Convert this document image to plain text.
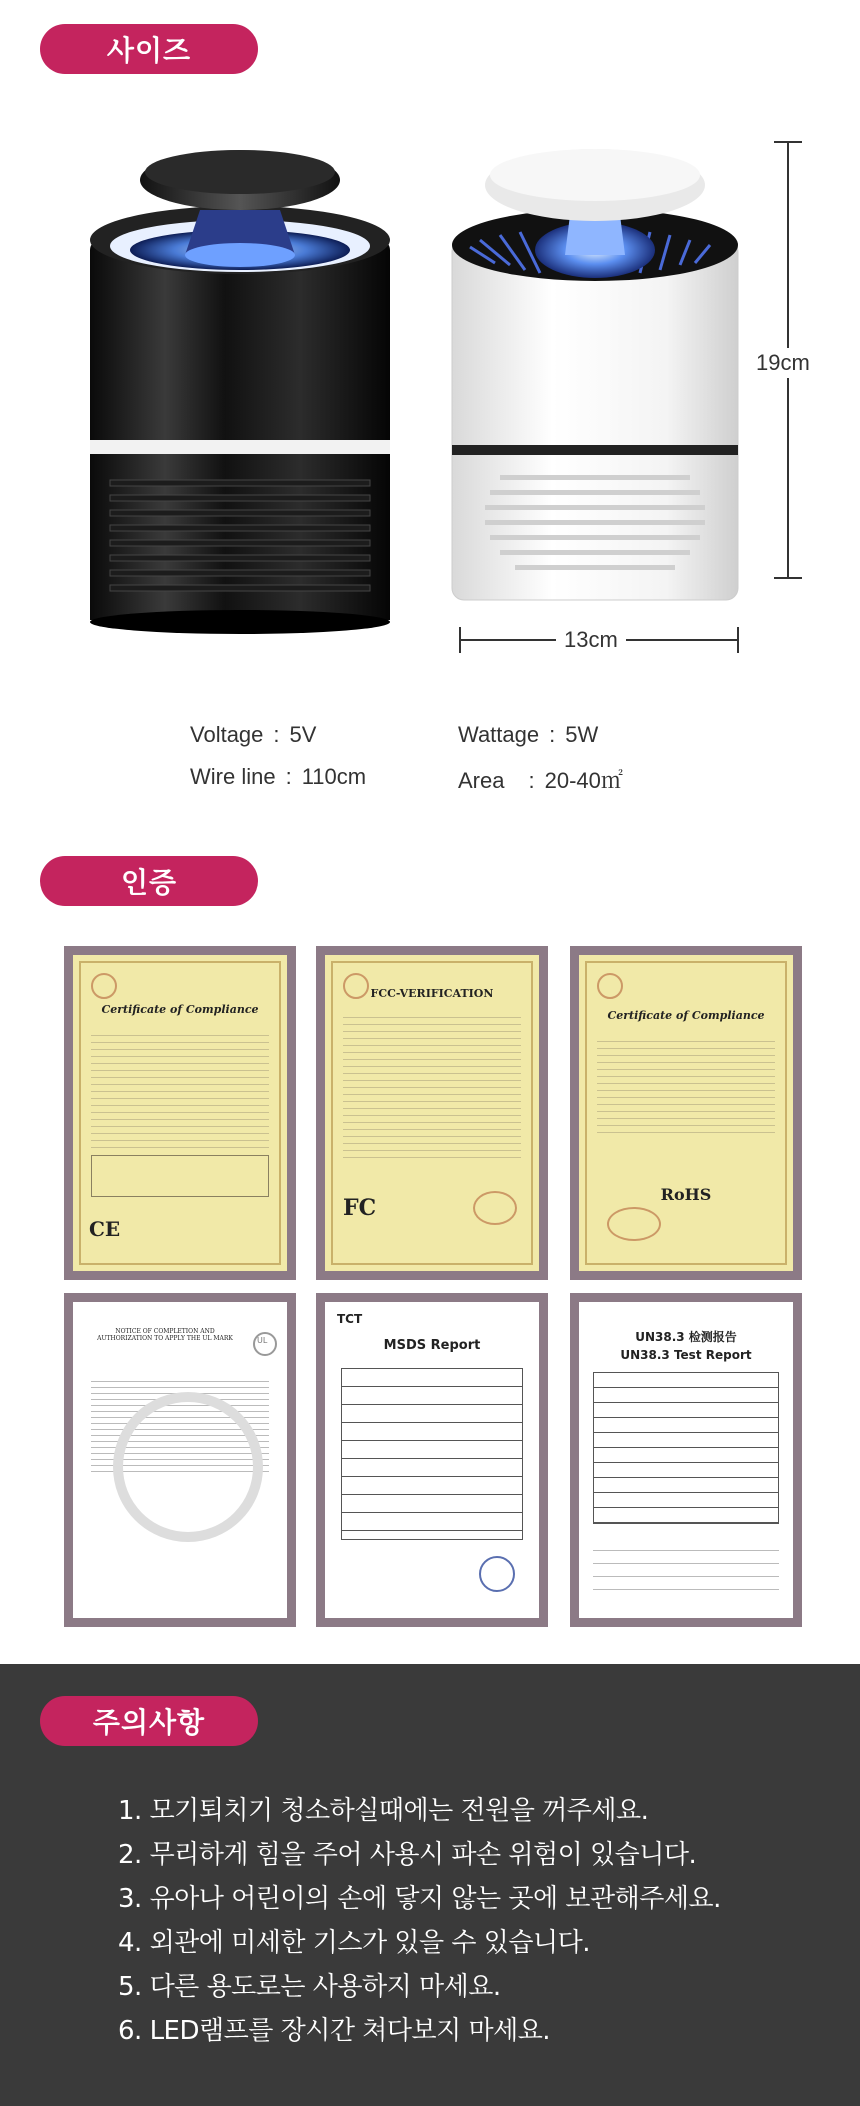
사이즈
19cm
13cm
Voltage : 5V	Wattage : 5W
Wire line : 110cm	Area : 20-40㎡
인증
Certificate of Compliance
CE
FCC-VERIFICATION
FC
Certificate of Compliance
RoHS
NOTICE OF COMPLETION AND AUTHORIZATION TO APPLY THE UL MARK	UL
TCT
MSDS Report
UN38.3 检测报告
UN38.3 Test Report
주의사항
1. 모기퇴치기 청소하실때에는 전원을 꺼주세요.
2. 무리하게 힘을 주어 사용시 파손 위험이 있습니다.
3. 유아나 어린이의 손에 닿지 않는 곳에 보관해주세요.
4. 외관에 미세한 기스가 있을 수 있습니다.
5. 다른 용도로는 사용하지 마세요.
6. LED램프를 장시간 쳐다보지 마세요.
